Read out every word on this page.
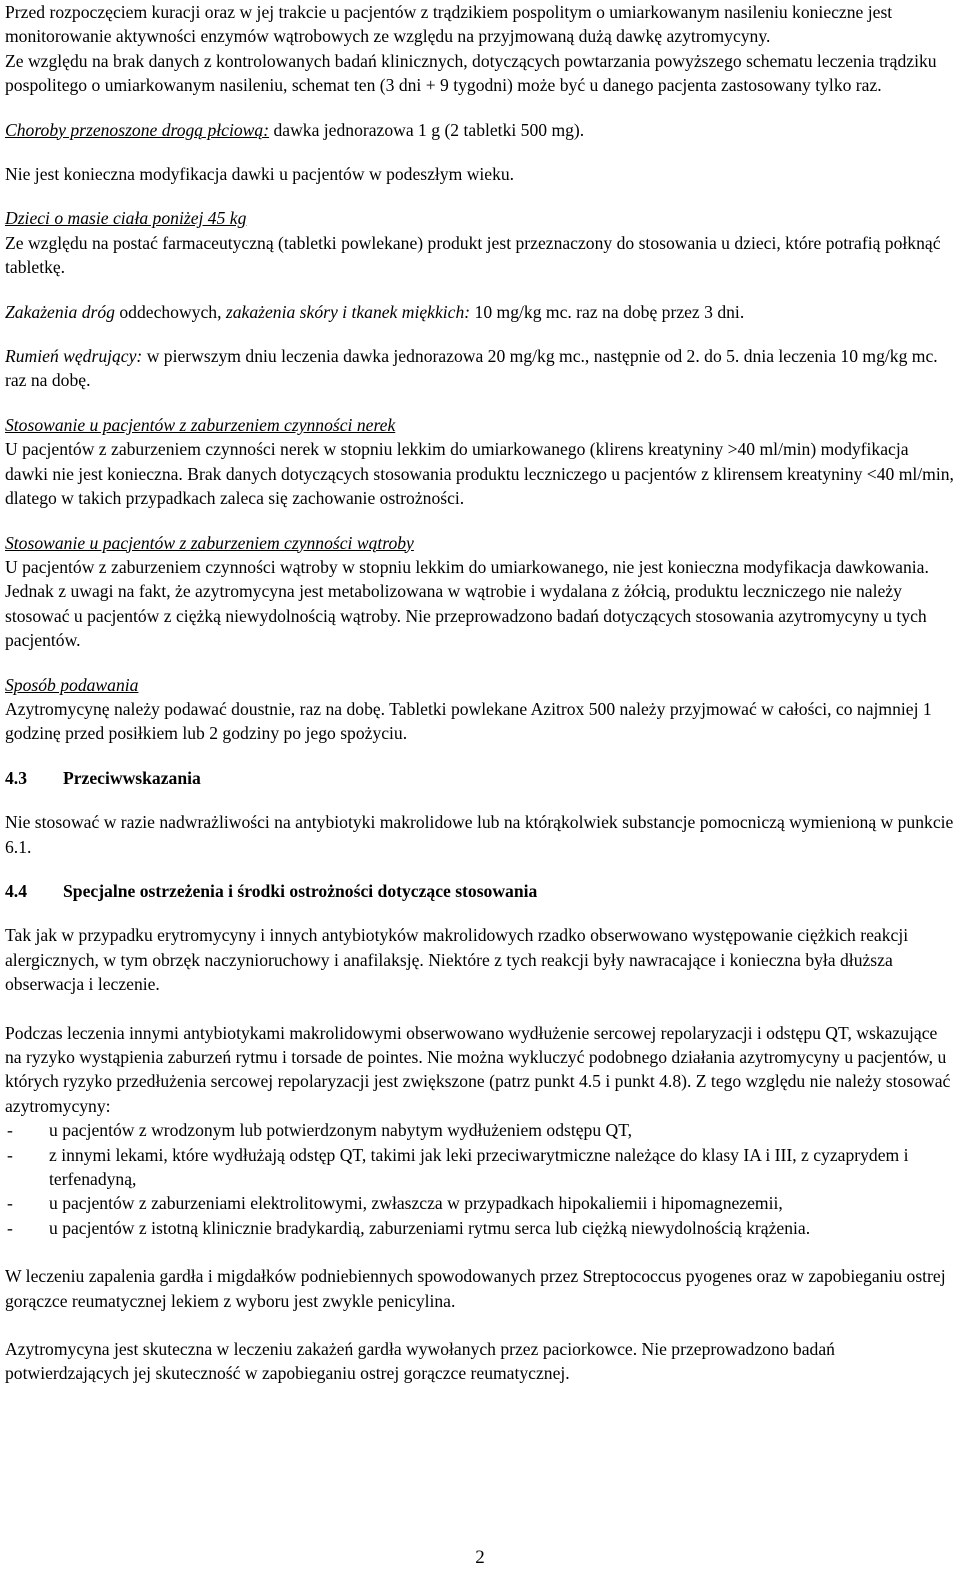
Przed rozpoczęciem kuracji oraz w jej trakcie u pacjentów z trądzikiem pospolitym o umiarkowanym nasileniu konieczne jest monitorowanie aktywności enzymów wątrobowych ze względu na przyjmowaną dużą dawkę azytromycyny.

Ze względu na brak danych z kontrolowanych badań klinicznych, dotyczących powtarzania powyższego schematu leczenia trądziku pospolitego o umiarkowanym nasileniu, schemat ten (3 dni + 9 tygodni) może być u danego pacjenta zastosowany tylko raz.

Choroby przenoszone drogą płciową: dawka jednorazowa 1 g (2 tabletki 500 mg).

Nie jest konieczna modyfikacja dawki u pacjentów w podeszłym wieku.

Dzieci o masie ciała poniżej 45 kg

Ze względu na postać farmaceutyczną (tabletki powlekane) produkt jest przeznaczony do stosowania u dzieci, które potrafią połknąć tabletkę.

Zakażenia dróg oddechowych, zakażenia skóry i tkanek miękkich: 10 mg/kg mc. raz na dobę przez 3 dni.

Rumień wędrujący: w pierwszym dniu leczenia dawka jednorazowa 20 mg/kg mc., następnie od 2. do 5. dnia leczenia 10 mg/kg mc. raz na dobę.

Stosowanie u pacjentów z zaburzeniem czynności nerek

U pacjentów z zaburzeniem czynności nerek w stopniu lekkim do umiarkowanego (klirens kreatyniny >40 ml/min) modyfikacja dawki nie jest konieczna. Brak danych dotyczących stosowania produktu leczniczego u pacjentów z klirensem kreatyniny <40 ml/min, dlatego w takich przypadkach zaleca się zachowanie ostrożności.

Stosowanie u pacjentów z zaburzeniem czynności wątroby

U pacjentów z zaburzeniem czynności wątroby w stopniu lekkim do umiarkowanego, nie jest konieczna modyfikacja dawkowania. Jednak z uwagi na fakt, że azytromycyna jest metabolizowana w wątrobie i wydalana z żółcią, produktu leczniczego nie należy stosować u pacjentów z ciężką niewydolnością wątroby. Nie przeprowadzono badań dotyczących stosowania azytromycyny u tych pacjentów.

Sposób podawania

Azytromycynę należy podawać doustnie, raz na dobę. Tabletki powlekane Azitrox 500 należy przyjmować w całości, co najmniej 1 godzinę przed posiłkiem lub 2 godziny po jego spożyciu.

4.3	Przeciwwskazania

Nie stosować w razie nadwrażliwości na antybiotyki makrolidowe lub na którąkolwiek substancje pomocniczą wymienioną w punkcie 6.1.

4.4	Specjalne ostrzeżenia i środki ostrożności dotyczące stosowania

Tak jak w przypadku erytromycyny i innych antybiotyków makrolidowych rzadko obserwowano występowanie ciężkich reakcji alergicznych, w tym obrzęk naczynioruchowy i anafilaksję. Niektóre z tych reakcji były nawracające i konieczna była dłuższa obserwacja i leczenie.

Podczas leczenia innymi antybiotykami makrolidowymi obserwowano wydłużenie sercowej repolaryzacji i odstępu QT, wskazujące na ryzyko wystąpienia zaburzeń rytmu i torsade de pointes. Nie można wykluczyć podobnego działania azytromycyny u pacjentów, u których ryzyko przedłużenia sercowej repolaryzacji jest zwiększone (patrz punkt 4.5 i punkt 4.8). Z tego względu nie należy stosować azytromycyny:

- u pacjentów z wrodzonym lub potwierdzonym nabytym wydłużeniem odstępu QT,
- z innymi lekami, które wydłużają odstęp QT, takimi jak leki przeciwarytmiczne należące do klasy IA i III, z cyzaprydem i terfenadyną,
- u pacjentów z zaburzeniami elektrolitowymi, zwłaszcza w przypadkach hipokaliemii i hipomagnezemii,
- u pacjentów z istotną klinicznie bradykardią, zaburzeniami rytmu serca lub ciężką niewydolnością krążenia.

W leczeniu zapalenia gardła i migdałków podniebiennych spowodowanych przez Streptococcus pyogenes oraz w zapobieganiu ostrej gorączce reumatycznej lekiem z wyboru jest zwykle penicylina.

Azytromycyna jest skuteczna w leczeniu zakażeń gardła wywołanych przez paciorkowce. Nie przeprowadzono badań potwierdzających jej skuteczność w zapobieganiu ostrej gorączce reumatycznej.

2
